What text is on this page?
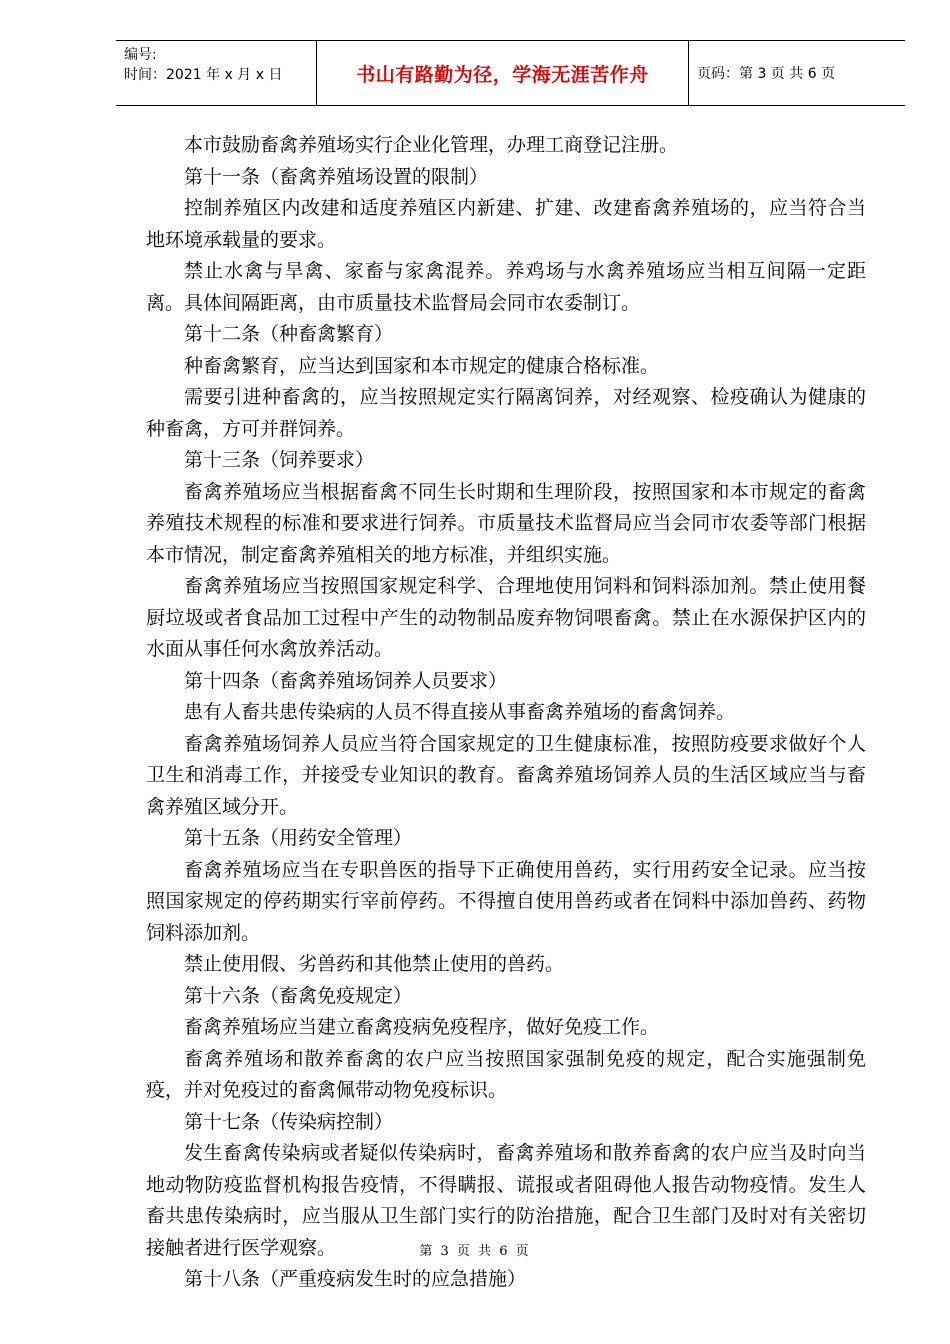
编号:
时间：2021 年 x 月 x 日	书山有路勤为径，学海无涯苦作舟	页码：第 3 页 共 6 页

本市鼓励畜禽养殖场实行企业化管理，办理工商登记注册。

第十一条（畜禽养殖场设置的限制）

控制养殖区内改建和适度养殖区内新建、扩建、改建畜禽养殖场的，应当符合当地环境承载量的要求。

禁止水禽与旱禽、家畜与家禽混养。养鸡场与水禽养殖场应当相互间隔一定距离。具体间隔距离，由市质量技术监督局会同市农委制订。

第十二条（种畜禽繁育）

种畜禽繁育，应当达到国家和本市规定的健康合格标准。

需要引进种畜禽的，应当按照规定实行隔离饲养，对经观察、检疫确认为健康的种畜禽，方可并群饲养。

第十三条（饲养要求）

畜禽养殖场应当根据畜禽不同生长时期和生理阶段，按照国家和本市规定的畜禽养殖技术规程的标准和要求进行饲养。市质量技术监督局应当会同市农委等部门根据本市情况，制定畜禽养殖相关的地方标准，并组织实施。

畜禽养殖场应当按照国家规定科学、合理地使用饲料和饲料添加剂。禁止使用餐厨垃圾或者食品加工过程中产生的动物制品废弃物饲喂畜禽。禁止在水源保护区内的水面从事任何水禽放养活动。

第十四条（畜禽养殖场饲养人员要求）

患有人畜共患传染病的人员不得直接从事畜禽养殖场的畜禽饲养。

畜禽养殖场饲养人员应当符合国家规定的卫生健康标准，按照防疫要求做好个人卫生和消毒工作，并接受专业知识的教育。畜禽养殖场饲养人员的生活区域应当与畜禽养殖区域分开。

第十五条（用药安全管理）

畜禽养殖场应当在专职兽医的指导下正确使用兽药，实行用药安全记录。应当按照国家规定的停药期实行宰前停药。不得擅自使用兽药或者在饲料中添加兽药、药物饲料添加剂。

禁止使用假、劣兽药和其他禁止使用的兽药。

第十六条（畜禽免疫规定）

畜禽养殖场应当建立畜禽疫病免疫程序，做好免疫工作。

畜禽养殖场和散养畜禽的农户应当按照国家强制免疫的规定，配合实施强制免疫，并对免疫过的畜禽佩带动物免疫标识。

第十七条（传染病控制）

发生畜禽传染病或者疑似传染病时，畜禽养殖场和散养畜禽的农户应当及时向当地动物防疫监督机构报告疫情，不得瞒报、谎报或者阻碍他人报告动物疫情。发生人畜共患传染病时，应当服从卫生部门实行的防治措施，配合卫生部门及时对有关密切接触者进行医学观察。

第十八条（严重疫病发生时的应急措施）

第 3 页 共 6 页
